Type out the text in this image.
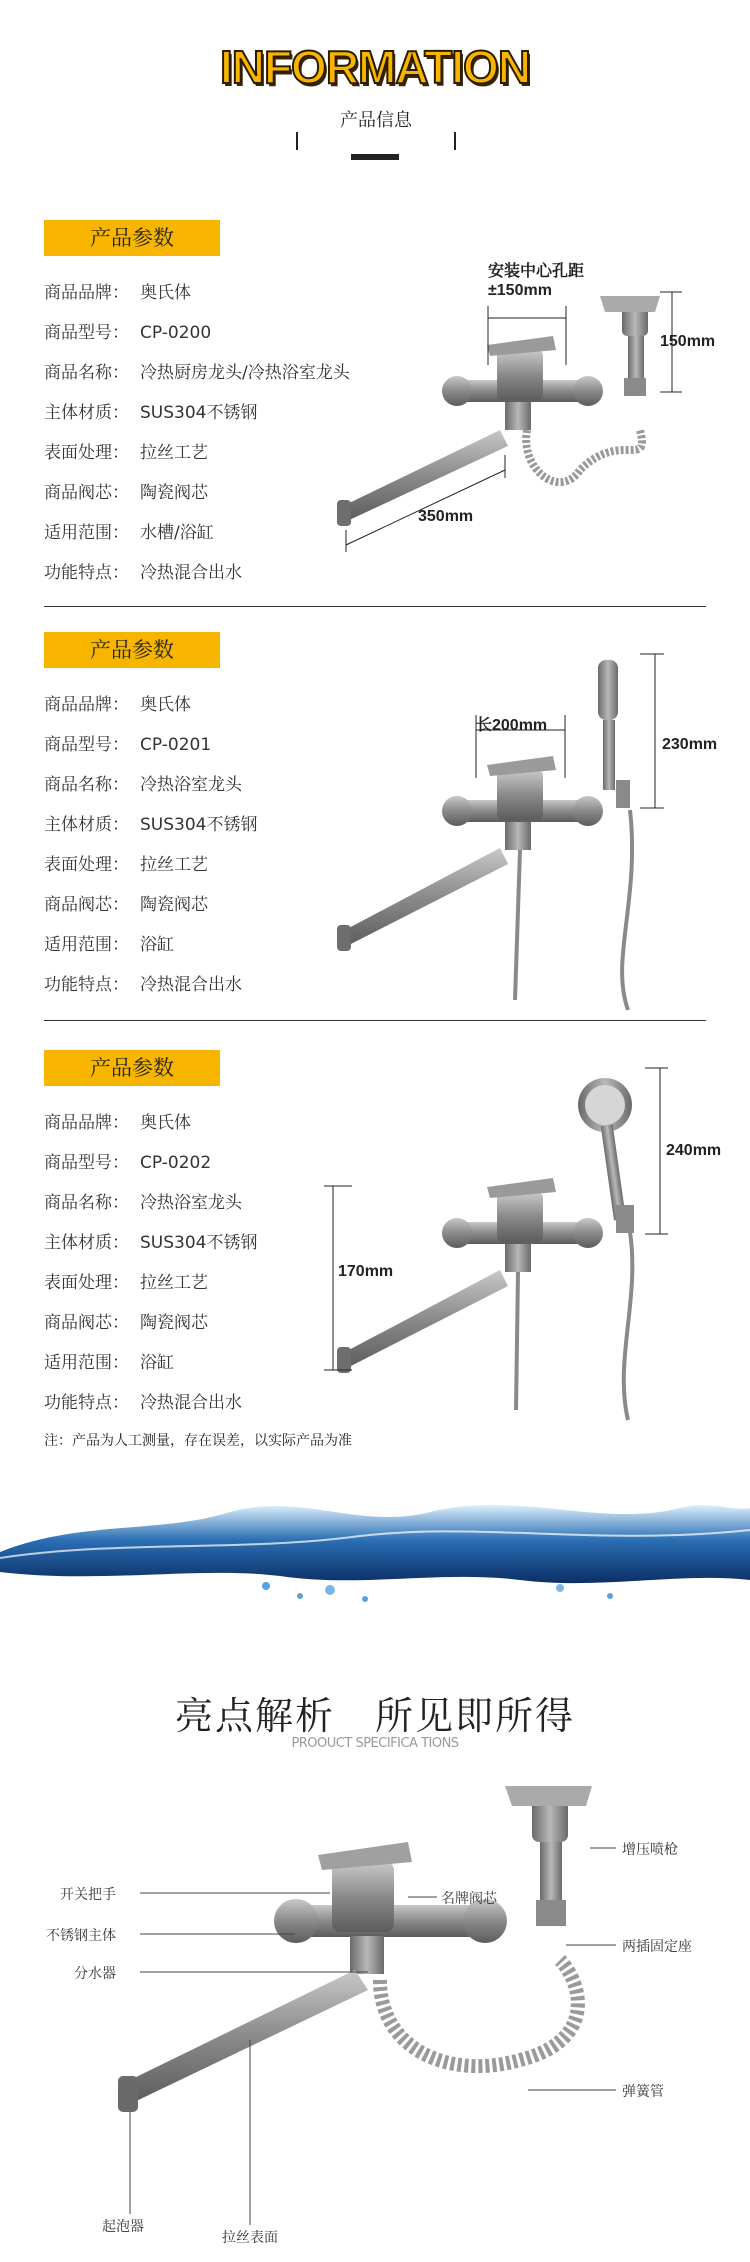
INFORMATION
产品信息
产品参数
商品品牌： 奥氏体
商品型号： CP-0200
商品名称： 冷热厨房龙头/冷热浴室龙头
主体材质： SUS304不锈钢
表面处理： 拉丝工艺
商品阀芯： 陶瓷阀芯
适用范围： 水槽/浴缸
功能特点： 冷热混合出水
安装中心孔距
±150mm
150mm
350mm
产品参数
商品品牌： 奥氏体
商品型号： CP-0201
商品名称： 冷热浴室龙头
主体材质： SUS304不锈钢
表面处理： 拉丝工艺
商品阀芯： 陶瓷阀芯
适用范围： 浴缸
功能特点： 冷热混合出水
长200mm
230mm
产品参数
商品品牌： 奥氏体
商品型号： CP-0202
商品名称： 冷热浴室龙头
主体材质： SUS304不锈钢
表面处理： 拉丝工艺
商品阀芯： 陶瓷阀芯
适用范围： 浴缸
功能特点： 冷热混合出水
注：产品为人工测量，存在误差，以实际产品为准
170mm
240mm
亮点解析　所见即所得
PROOUCT SPECIFICA TIONS
开关把手
不锈钢主体
分水器
名牌阀芯
增压喷枪
两插固定座
弹簧管
起泡器
拉丝表面
